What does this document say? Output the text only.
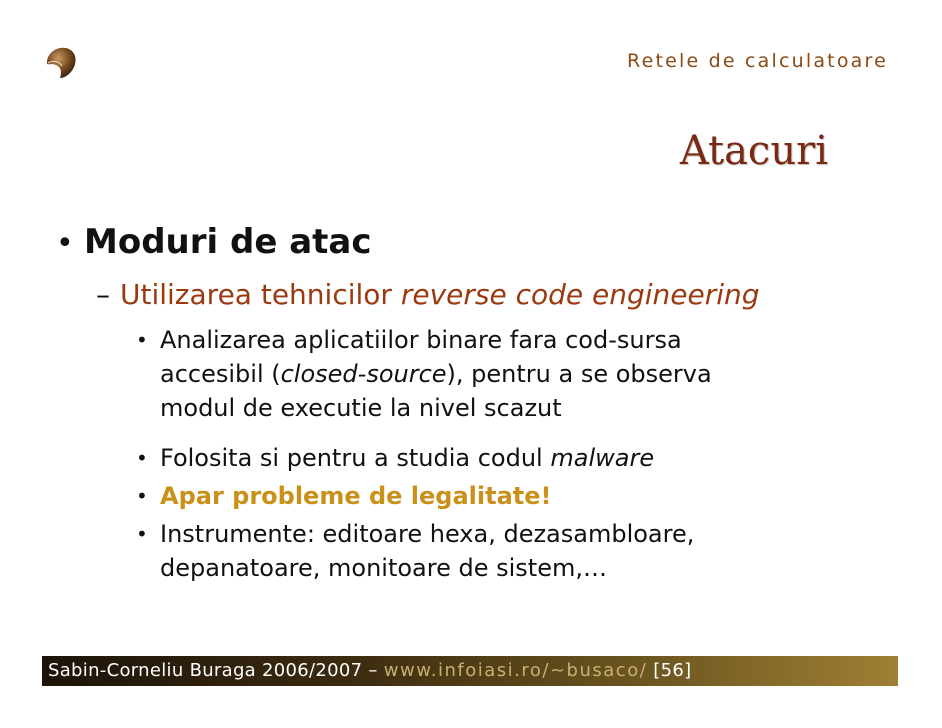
Retele de calculatoare
Atacuri
• Moduri de atac
– Utilizarea tehnicilor reverse code engineering
• Analizarea aplicatiilor binare fara cod-sursa
accesibil (closed-source), pentru a se observa
modul de executie la nivel scazut
• Folosita si pentru a studia codul malware
• Apar probleme de legalitate!
• Instrumente: editoare hexa, dezasambloare,
depanatoare, monitoare de sistem,…
Sabin-Corneliu Buraga 2006/2007 – www.infoiasi.ro/~busaco/ [56]
